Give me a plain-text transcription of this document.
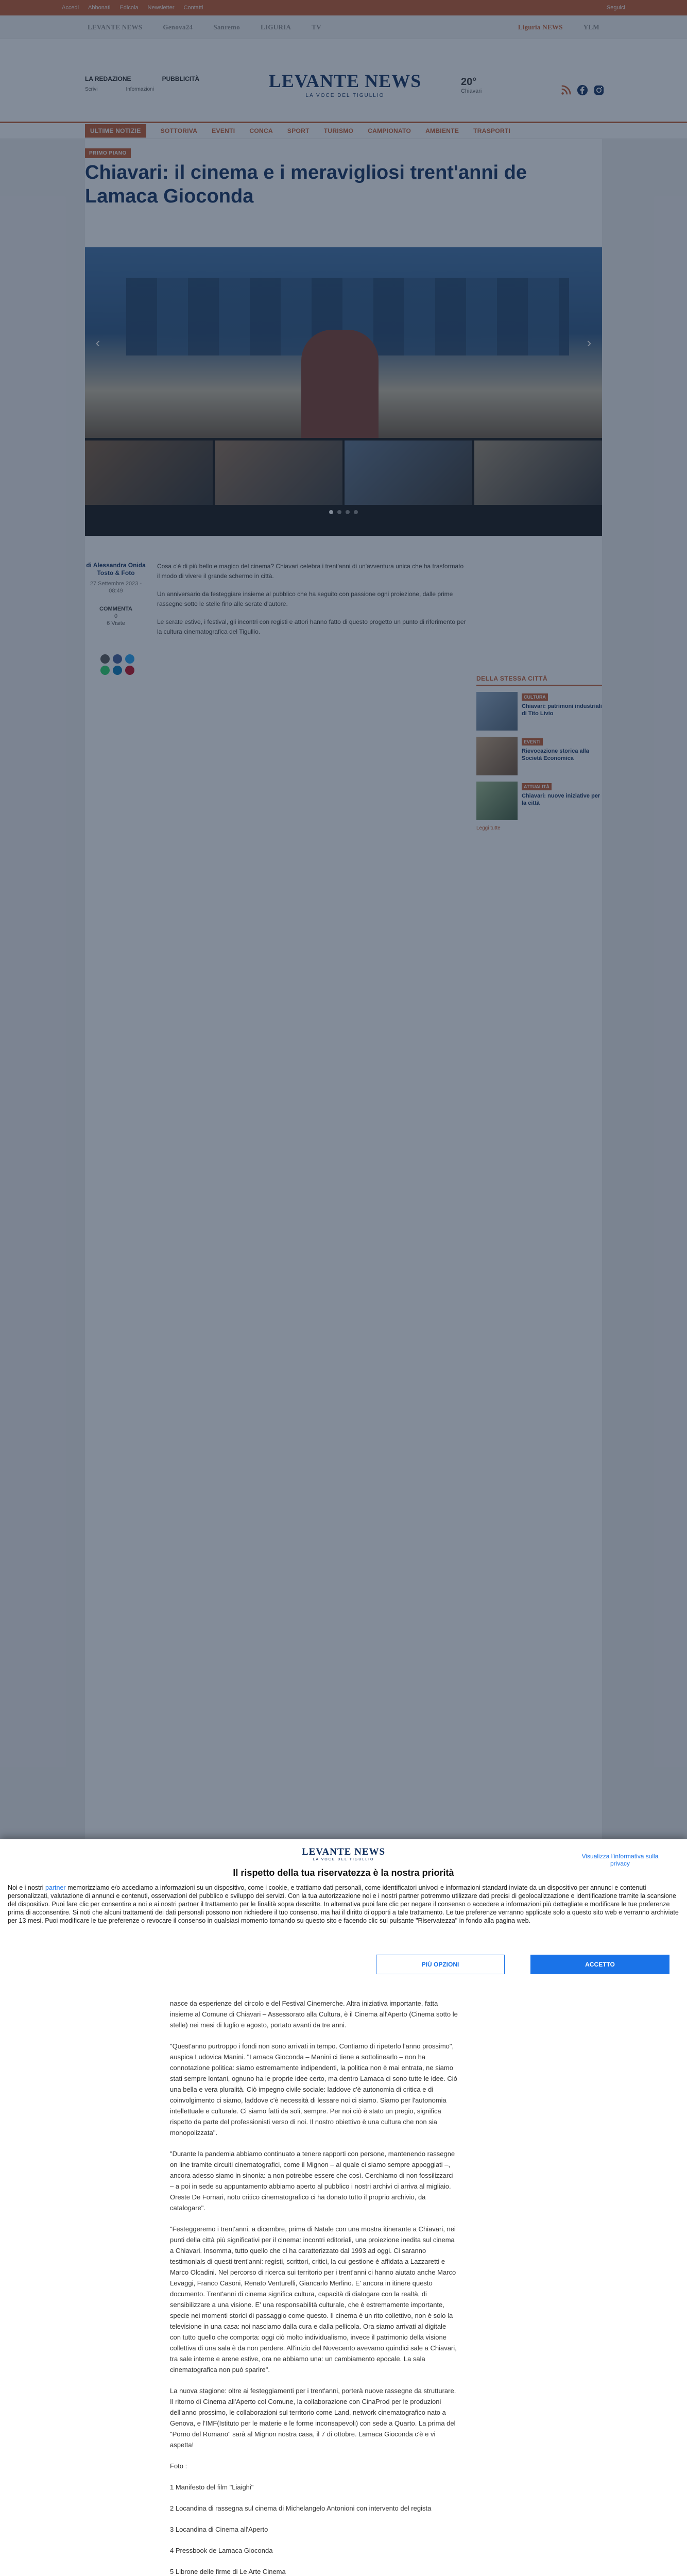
LEVANTE NEWS
LA VOCE DEL TIGULLIO	Visualizza l'informativa sulla privacy
Il rispetto della tua riservatezza è la nostra priorità
Noi e i nostri partner memorizziamo e/o accediamo a informazioni su un dispositivo, come i cookie, e trattiamo dati personali, come identificatori univoci e informazioni standard inviate da un dispositivo per annunci e contenuti personalizzati, valutazione di annunci e contenuti, osservazioni del pubblico e sviluppo dei servizi. Con la tua autorizzazione noi e i nostri partner potremmo utilizzare dati precisi di geolocalizzazione e identificazione tramite la scansione del dispositivo. Puoi fare clic per consentire a noi e ai nostri partner il trattamento per le finalità sopra descritte. In alternativa puoi fare clic per negare il consenso o accedere a informazioni più dettagliate e modificare le tue preferenze prima di acconsentire. Si noti che alcuni trattamenti dei dati personali possono non richiedere il tuo consenso, ma hai il diritto di opporti a tale trattamento. Le tue preferenze verranno applicate solo a questo sito web e verranno archiviate per 13 mesi. Puoi modificare le tue preferenze o revocare il consenso in qualsiasi momento tornando su questo sito e facendo clic sul pulsante "Riservatezza" in fondo alla pagina web.
PIÙ OPZIONI	ACCETTO

nasce da esperienze del circolo e del Festival Cinemerche. Altra iniziativa importante, fatta insieme al Comune di Chiavari – Assessorato alla Cultura, è il Cinema all'Aperto (Cinema sotto le stelle) nei mesi di luglio e agosto, portato avanti da tre anni.

"Quest'anno purtroppo i fondi non sono arrivati in tempo. Contiamo di ripeterlo l'anno prossimo", auspica Ludovica Manini. "Lamaca Gioconda – Manini ci tiene a sottolinearlo – non ha connotazione politica: siamo estremamente indipendenti, la politica non è mai entrata, ne siamo stati sempre lontani, ognuno ha le proprie idee certo, ma dentro Lamaca ci sono tutte le idee. Ciò una bella e vera pluralità. Ciò impegno civile sociale: laddove c'è autonomia di critica e di coinvolgimento ci siamo, laddove c'è necessità di lessare noi ci siamo. Siamo per l'autonomia intellettuale e culturale. Ci siamo fatti da soli, sempre. Per noi ciò è stato un pregio, significa rispetto da parte del professionisti verso di noi. Il nostro obiettivo è una cultura che non sia monopolizzata".

"Durante la pandemia abbiamo continuato a tenere rapporti con persone, mantenendo rassegne on line tramite circuiti cinematografici, come il Mignon – al quale ci siamo sempre appoggiati –, ancora adesso siamo in sinonia: a non potrebbe essere che così. Cerchiamo di non fossilizzarci – a poi in sede su appuntamento abbiamo aperto al pubblico i nostri archivi ci arriva al migliaio. Oreste De Fornari, noto critico cinematografico ci ha donato tutto il proprio archivio, da catalogare".

"Festeggeremo i trent'anni, a dicembre, prima di Natale con una mostra itinerante a Chiavari, nei punti della città più significativi per il cinema: incontri editoriali, una proiezione inedita sul cinema a Chiavari. Insomma, tutto quello che ci ha caratterizzato dal 1993 ad oggi. Ci saranno testimonials di questi trent'anni: registi, scrittori, critici, la cui gestione è affidata a Lazzaretti e Marco Olcadini. Nel percorso di ricerca sui territorio per i trent'anni ci hanno aiutato anche Marco Levaggi, Franco Casoni, Renato Venturelli, Giancarlo Merlino. E' ancora in itinere questo documento. Trent'anni di cinema significa cultura, capacità di dialogare con la realtà, di sensibilizzare a una visione. E' una responsabilità culturale, che è estremamente importante, specie nei momenti storici di passaggio come questo. Il cinema è un rito collettivo, non è solo la televisione in una casa: noi nasciamo dalla cura e dalla pellicola. Ora siamo arrivati al digitale con tutto quello che comporta: oggi ciò molto individualismo, invece il patrimonio della visione collettiva di una sala è da non perdere. All'inizio del Novecento avevamo quindici sale a Chiavari, tra sale interne e arene estive, ora ne abbiamo una: un cambiamento epocale. La sala cinematografica non può sparire".

La nuova stagione: oltre ai festeggiamenti per i trent'anni, porterà nuove rassegne da strutturare. Il ritorno di Cinema all'Aperto col Comune, la collaborazione con CinaProd per le produzioni dell'anno prossimo, le collaborazioni sul territorio come Land, network cinematografico nato a Genova, e l'IMF(Istituto per le materie e le forme inconsapevoli) con sede a Quarto. La prima del "Porno del Romano" sarà al Mignon nostra casa, il 7 di ottobre. Lamaca Gioconda c'è e vi aspetta!

Foto :

1 Manifesto del film "Liaighi"
2 Locandina di rassegna sul cinema di Michelangelo Antonioni con intervento del regista
3 Locandina di Cinema all'Aperto
4 Pressbook de Lamaca Gioconda
5 Librone delle firme di Le Arte Cinema
